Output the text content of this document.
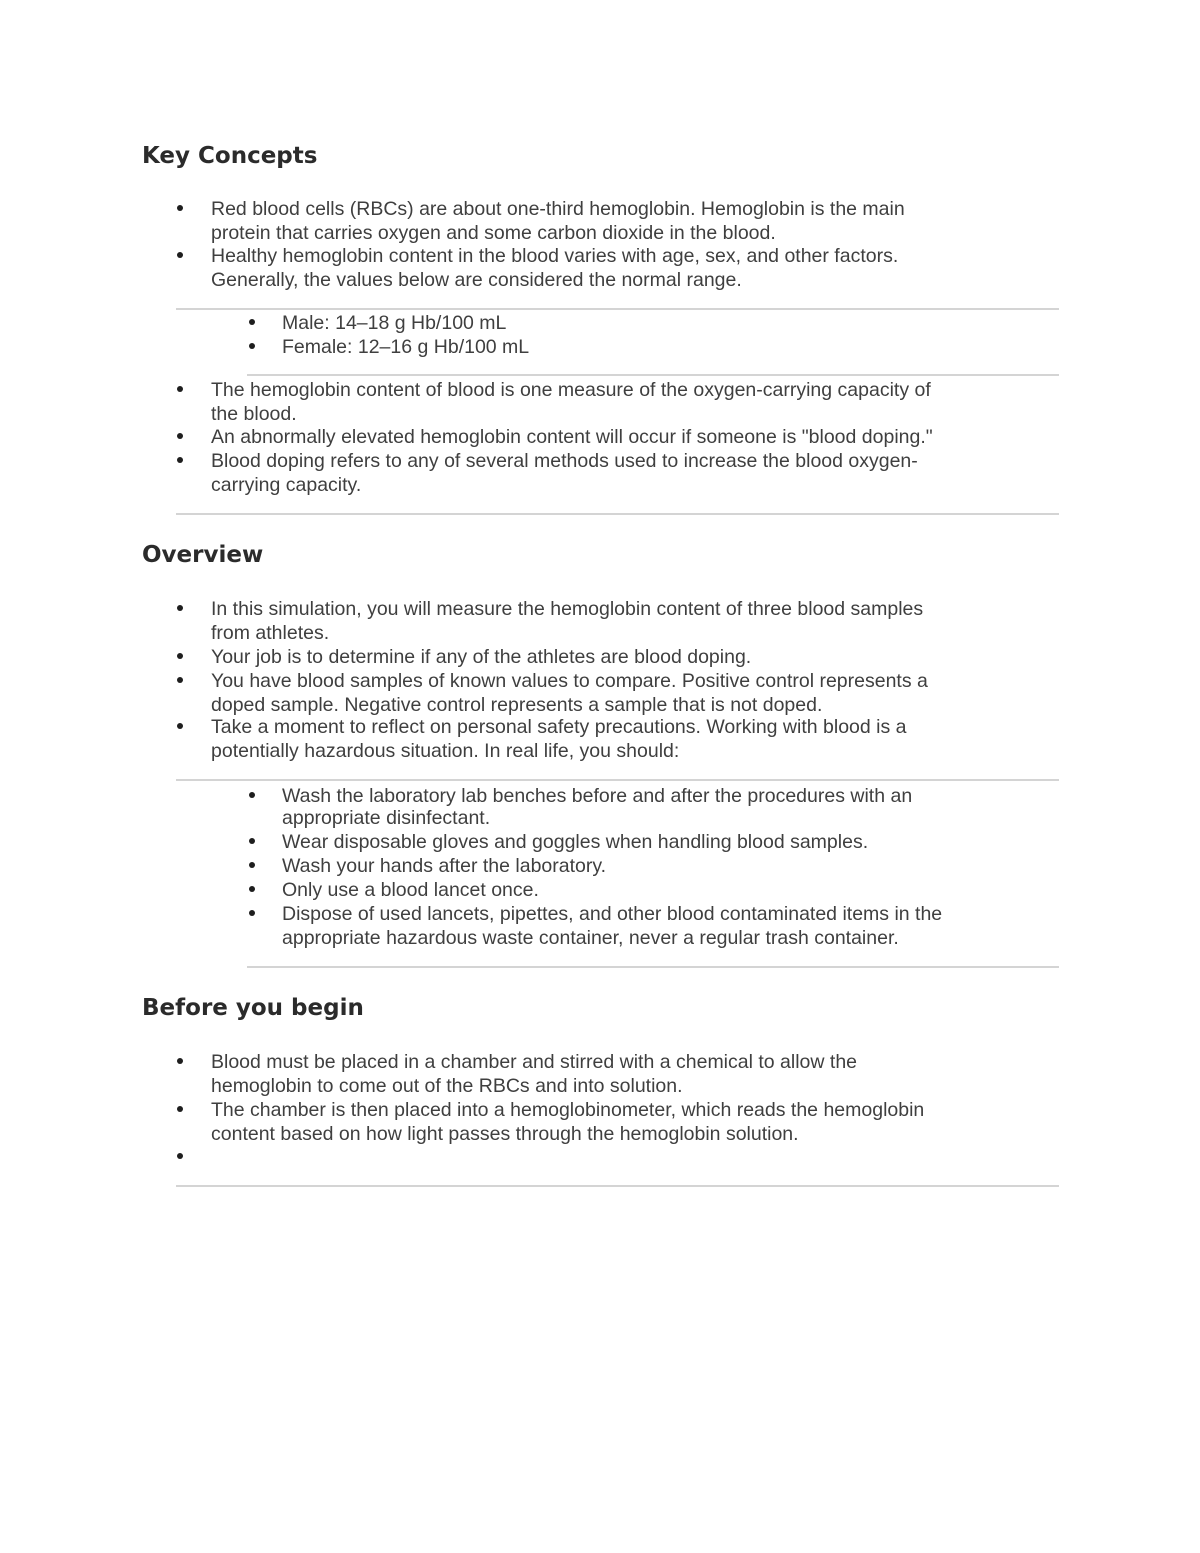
Key Concepts
Red blood cells (RBCs) are about one-third hemoglobin. Hemoglobin is the main
protein that carries oxygen and some carbon dioxide in the blood.
Healthy hemoglobin content in the blood varies with age, sex, and other factors.
Generally, the values below are considered the normal range.
Male: 14–18 g Hb/100 mL
Female: 12–16 g Hb/100 mL
The hemoglobin content of blood is one measure of the oxygen-carrying capacity of
the blood.
An abnormally elevated hemoglobin content will occur if someone is "blood doping."
Blood doping refers to any of several methods used to increase the blood oxygen-
carrying capacity.
Overview
In this simulation, you will measure the hemoglobin content of three blood samples
from athletes.
Your job is to determine if any of the athletes are blood doping.
You have blood samples of known values to compare. Positive control represents a
doped sample. Negative control represents a sample that is not doped.
Take a moment to reflect on personal safety precautions. Working with blood is a
potentially hazardous situation. In real life, you should:
Wash the laboratory lab benches before and after the procedures with an
appropriate disinfectant.
Wear disposable gloves and goggles when handling blood samples.
Wash your hands after the laboratory.
Only use a blood lancet once.
Dispose of used lancets, pipettes, and other blood contaminated items in the
appropriate hazardous waste container, never a regular trash container.
Before you begin
Blood must be placed in a chamber and stirred with a chemical to allow the
hemoglobin to come out of the RBCs and into solution.
The chamber is then placed into a hemoglobinometer, which reads the hemoglobin
content based on how light passes through the hemoglobin solution.
